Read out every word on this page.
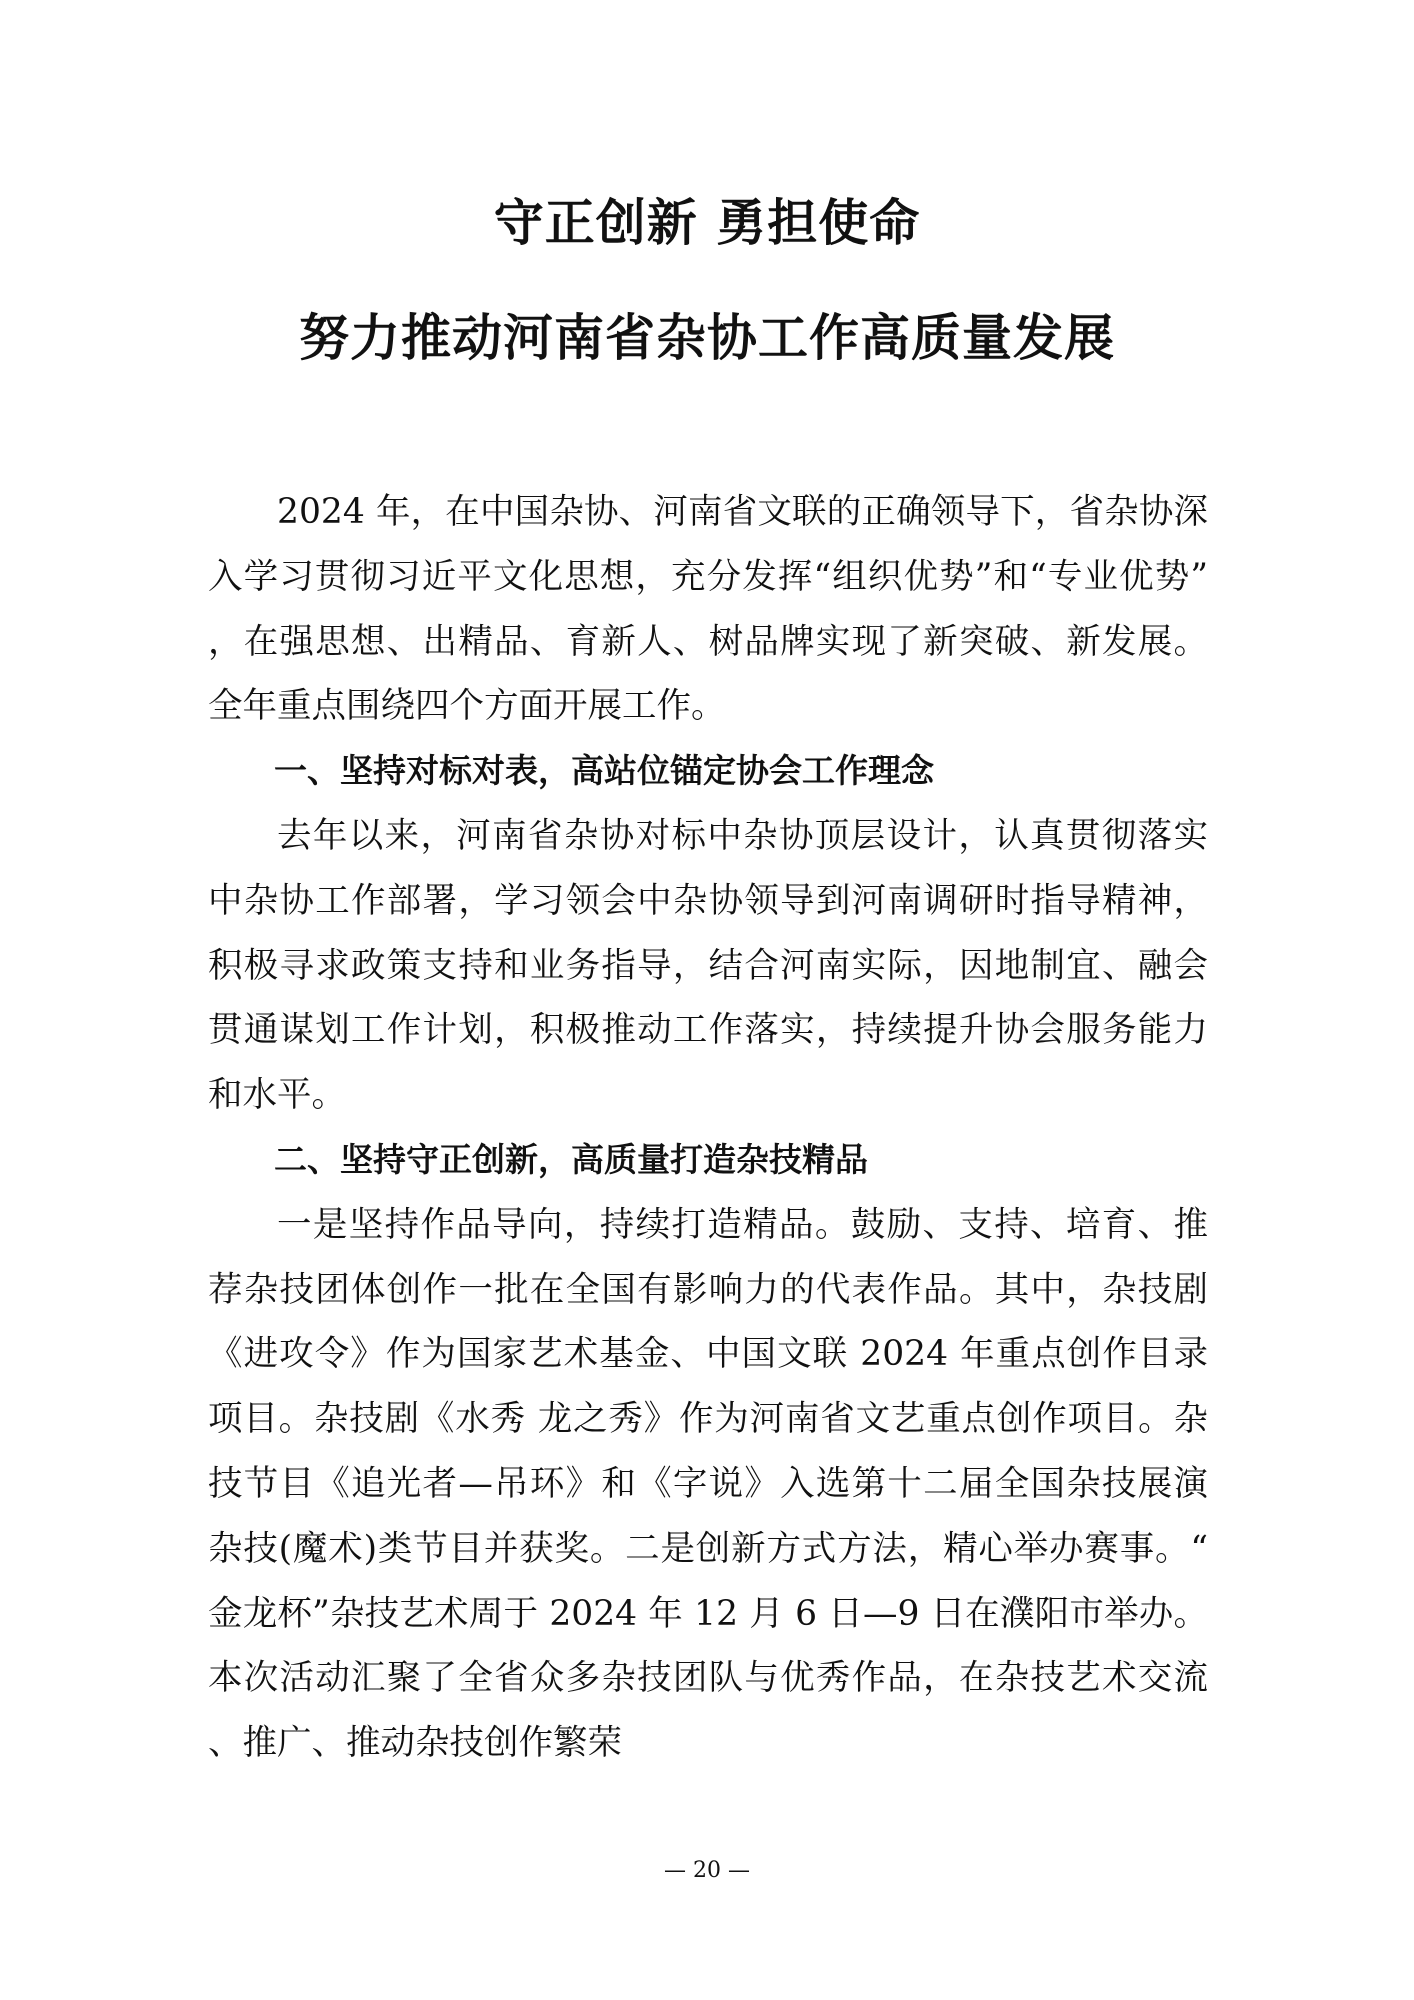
守正创新 勇担使命
努力推动河南省杂协工作高质量发展

2024 年，在中国杂协、河南省文联的正确领导下，省杂协深入学习贯彻习近平文化思想，充分发挥“组织优势”和“专业优势”，在强思想、出精品、育新人、树品牌实现了新突破、新发展。全年重点围绕四个方面开展工作。

一、坚持对标对表，高站位锚定协会工作理念

去年以来，河南省杂协对标中杂协顶层设计，认真贯彻落实中杂协工作部署，学习领会中杂协领导到河南调研时指导精神，积极寻求政策支持和业务指导，结合河南实际，因地制宜、融会贯通谋划工作计划，积极推动工作落实，持续提升协会服务能力和水平。

二、坚持守正创新，高质量打造杂技精品

一是坚持作品导向，持续打造精品。鼓励、支持、培育、推荐杂技团体创作一批在全国有影响力的代表作品。其中，杂技剧《进攻令》作为国家艺术基金、中国文联 2024 年重点创作目录项目。杂技剧《水秀 龙之秀》作为河南省文艺重点创作项目。杂技节目《追光者—吊环》和《字说》入选第十二届全国杂技展演杂技(魔术)类节目并获奖。二是创新方式方法，精心举办赛事。“金龙杯”杂技艺术周于 2024 年 12 月 6 日—9 日在濮阳市举办。本次活动汇聚了全省众多杂技团队与优秀作品，在杂技艺术交流、推广、推动杂技创作繁荣

— 20 —
